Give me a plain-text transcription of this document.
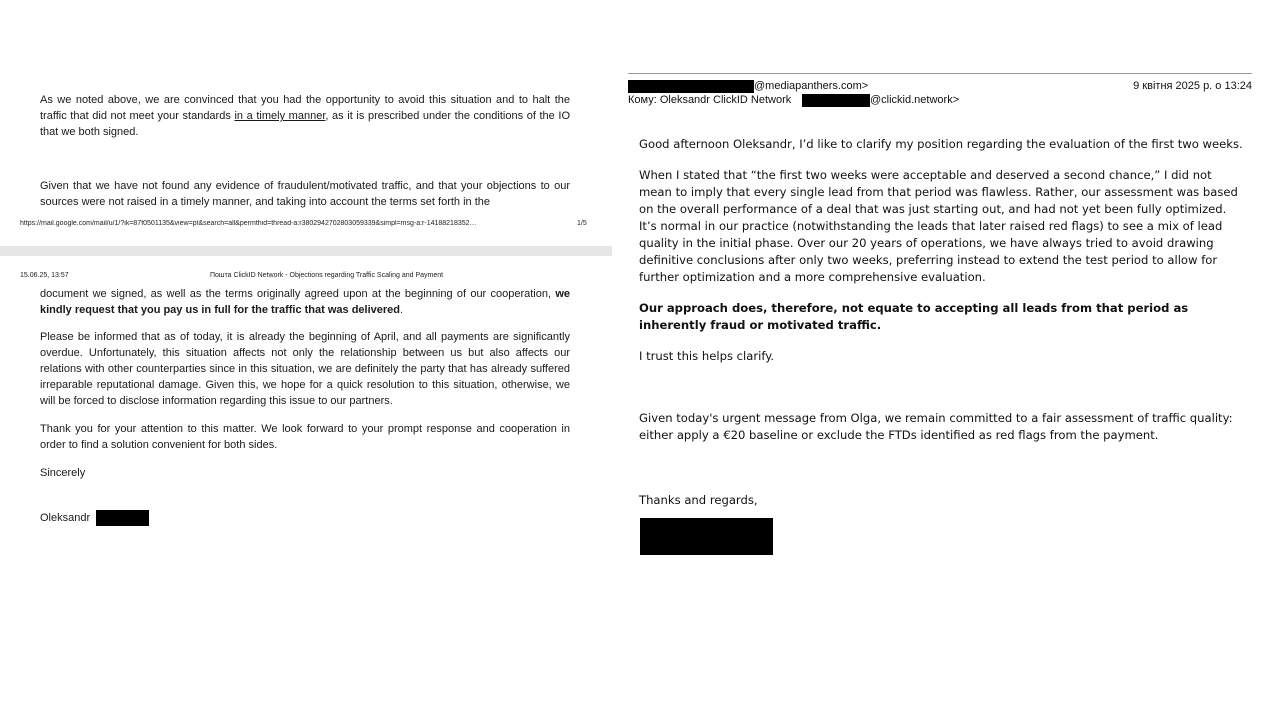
As we noted above, we are convinced that you had the opportunity to avoid this situation and to halt the traffic that did not meet your standards in a timely manner, as it is prescribed under the conditions of the IO that we both signed.
Given that we have not found any evidence of fraudulent/motivated traffic, and that your objections to our sources were not raised in a timely manner, and taking into account the terms set forth in the
https://mail.google.com/mail/u/1/?ik=87f0501135&view=pt&search=all&permthid=thread-a:r3802942702803059339&simpl=msg-a:r-14188218352…	1/5
15.06.25, 13:57	Пошта ClickID Network - Objections regarding Traffic Scaling and Payment
document we signed, as well as the terms originally agreed upon at the beginning of our cooperation, we kindly request that you pay us in full for the traffic that was delivered.
Please be informed that as of today, it is already the beginning of April, and all payments are significantly overdue. Unfortunately, this situation affects not only the relationship between us but also affects our relations with other counterparties since in this situation, we are definitely the party that has already suffered irreparable reputational damage. Given this, we hope for a quick resolution to this situation, otherwise, we will be forced to disclose information regarding this issue to our partners.
Thank you for your attention to this matter. We look forward to your prompt response and cooperation in order to find a solution convenient for both sides.
Sincerely
Oleksandr
@mediapanthers.com>	9 квітня 2025 р. о 13:24
Кому: Oleksandr ClickID Network	@clickid.network>
Good afternoon Oleksandr, I’d like to clarify my position regarding the evaluation of the first two weeks.
When I stated that “the first two weeks were acceptable and deserved a second chance,” I did not mean to imply that every single lead from that period was flawless. Rather, our assessment was based on the overall performance of a deal that was just starting out, and had not yet been fully optimized. It’s normal in our practice (notwithstanding the leads that later raised red flags) to see a mix of lead quality in the initial phase. Over our 20 years of operations, we have always tried to avoid drawing definitive conclusions after only two weeks, preferring instead to extend the test period to allow for further optimization and a more comprehensive evaluation.
Our approach does, therefore, not equate to accepting all leads from that period as inherently fraud or motivated traffic.
I trust this helps clarify.
Given today's urgent message from Olga, we remain committed to a fair assessment of traffic quality: either apply a €20 baseline or exclude the FTDs identified as red flags from the payment.
Thanks and regards,
